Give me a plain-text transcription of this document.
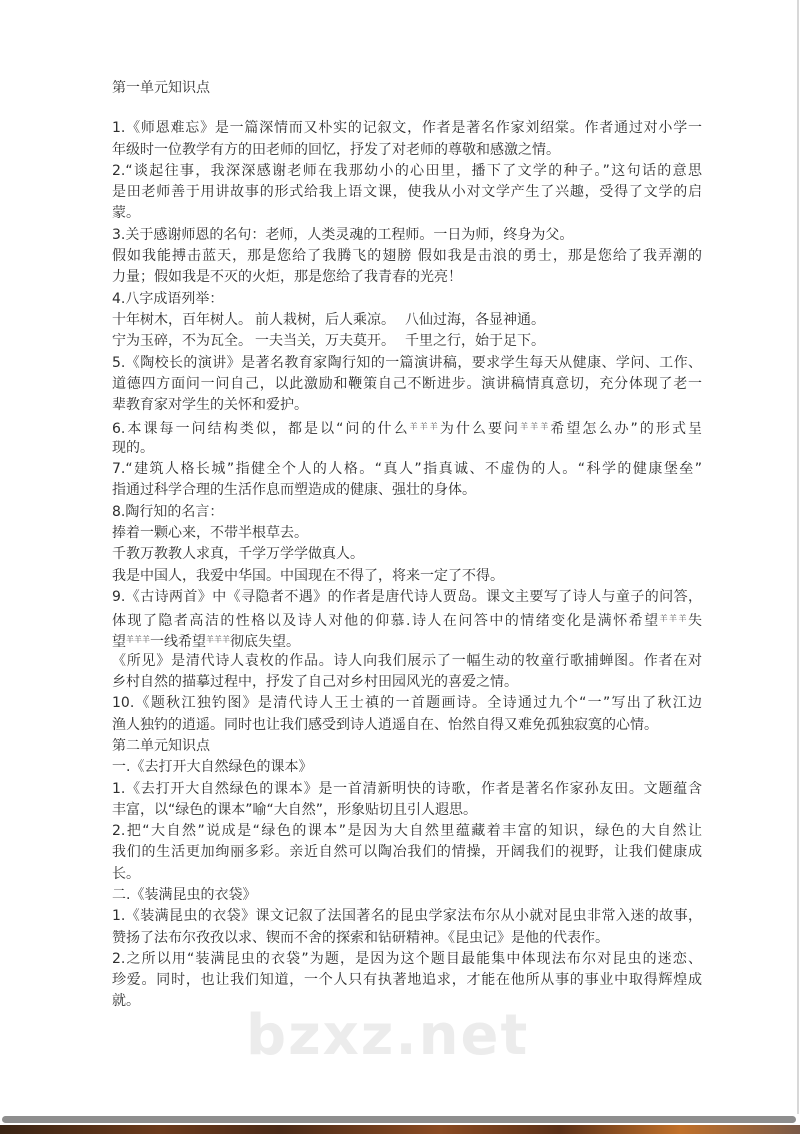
第一单元知识点
1.《师恩难忘》是一篇深情而又朴实的记叙文，作者是著名作家刘绍棠。作者通过对小学一
年级时一位教学有方的田老师的回忆，抒发了对老师的尊敬和感激之情。
2.“谈起往事，我深深感谢老师在我那幼小的心田里，播下了文学的种子。”这句话的意思
是田老师善于用讲故事的形式给我上语文课，使我从小对文学产生了兴趣，受得了文学的启
蒙。
3.关于感谢师恩的名句：老师，人类灵魂的工程师。一日为师，终身为父。
假如我能搏击蓝天，那是您给了我腾飞的翅膀 假如我是击浪的勇士，那是您给了我弄潮的
力量；假如我是不灭的火炬，那是您给了我青春的光亮！
4.八字成语列举：
十年树木，百年树人。 前人栽树，后人乘凉。 八仙过海，各显神通。
宁为玉碎，不为瓦全。 一夫当关，万夫莫开。 千里之行，始于足下。
5.《陶校长的演讲》是著名教育家陶行知的一篇演讲稿，要求学生每天从健康、学问、工作、
道德四方面问一问自己，以此激励和鞭策自己不断进步。演讲稿情真意切，充分体现了老一
辈教育家对学生的关怀和爱护。
6.本课每一问结构类似，都是以“问的什么$^{羊羊羊}$为什么要问$^{羊羊羊}$希望怎么办”的形式呈
现的。
7.“建筑人格长城”指健全个人的人格。“真人”指真诚、不虚伪的人。“科学的健康堡垒”
指通过科学合理的生活作息而塑造成的健康、强壮的身体。
8.陶行知的名言：
捧着一颗心来，不带半根草去。
千教万教教人求真，千学万学学做真人。
我是中国人，我爱中华国。中国现在不得了，将来一定了不得。
9.《古诗两首》中《寻隐者不遇》的作者是唐代诗人贾岛。课文主要写了诗人与童子的问答，
体现了隐者高洁的性格以及诗人对他的仰慕.诗人在问答中的情绪变化是满怀希望$^{羊羊羊}$失
望$^{羊羊羊}$一线希望$^{羊羊羊}$彻底失望。
《所见》是清代诗人袁枚的作品。诗人向我们展示了一幅生动的牧童行歌捕蝉图。作者在对
乡村自然的描摹过程中，抒发了自己对乡村田园风光的喜爱之情。
10.《题秋江独钓图》是清代诗人王士禛的一首题画诗。全诗通过九个“一”写出了秋江边
渔人独钓的逍遥。同时也让我们感受到诗人逍遥自在、怡然自得又难免孤独寂寞的心情。
第二单元知识点
一.《去打开大自然绿色的课本》
1.《去打开大自然绿色的课本》是一首清新明快的诗歌，作者是著名作家孙友田。文题蕴含
丰富，以“绿色的课本”喻“大自然”，形象贴切且引人遐思。
2.把“大自然”说成是“绿色的课本”是因为大自然里蕴藏着丰富的知识，绿色的大自然让
我们的生活更加绚丽多彩。亲近自然可以陶冶我们的情操，开阔我们的视野，让我们健康成
长。
二.《装满昆虫的衣袋》
1.《装满昆虫的衣袋》课文记叙了法国著名的昆虫学家法布尔从小就对昆虫非常入迷的故事，
赞扬了法布尔孜孜以求、锲而不舍的探索和钻研精神。《昆虫记》是他的代表作。
2.之所以用“装满昆虫的衣袋”为题，是因为这个题目最能集中体现法布尔对昆虫的迷恋、
珍爱。同时，也让我们知道，一个人只有执著地追求，才能在他所从事的事业中取得辉煌成
就。
bzxz.net
